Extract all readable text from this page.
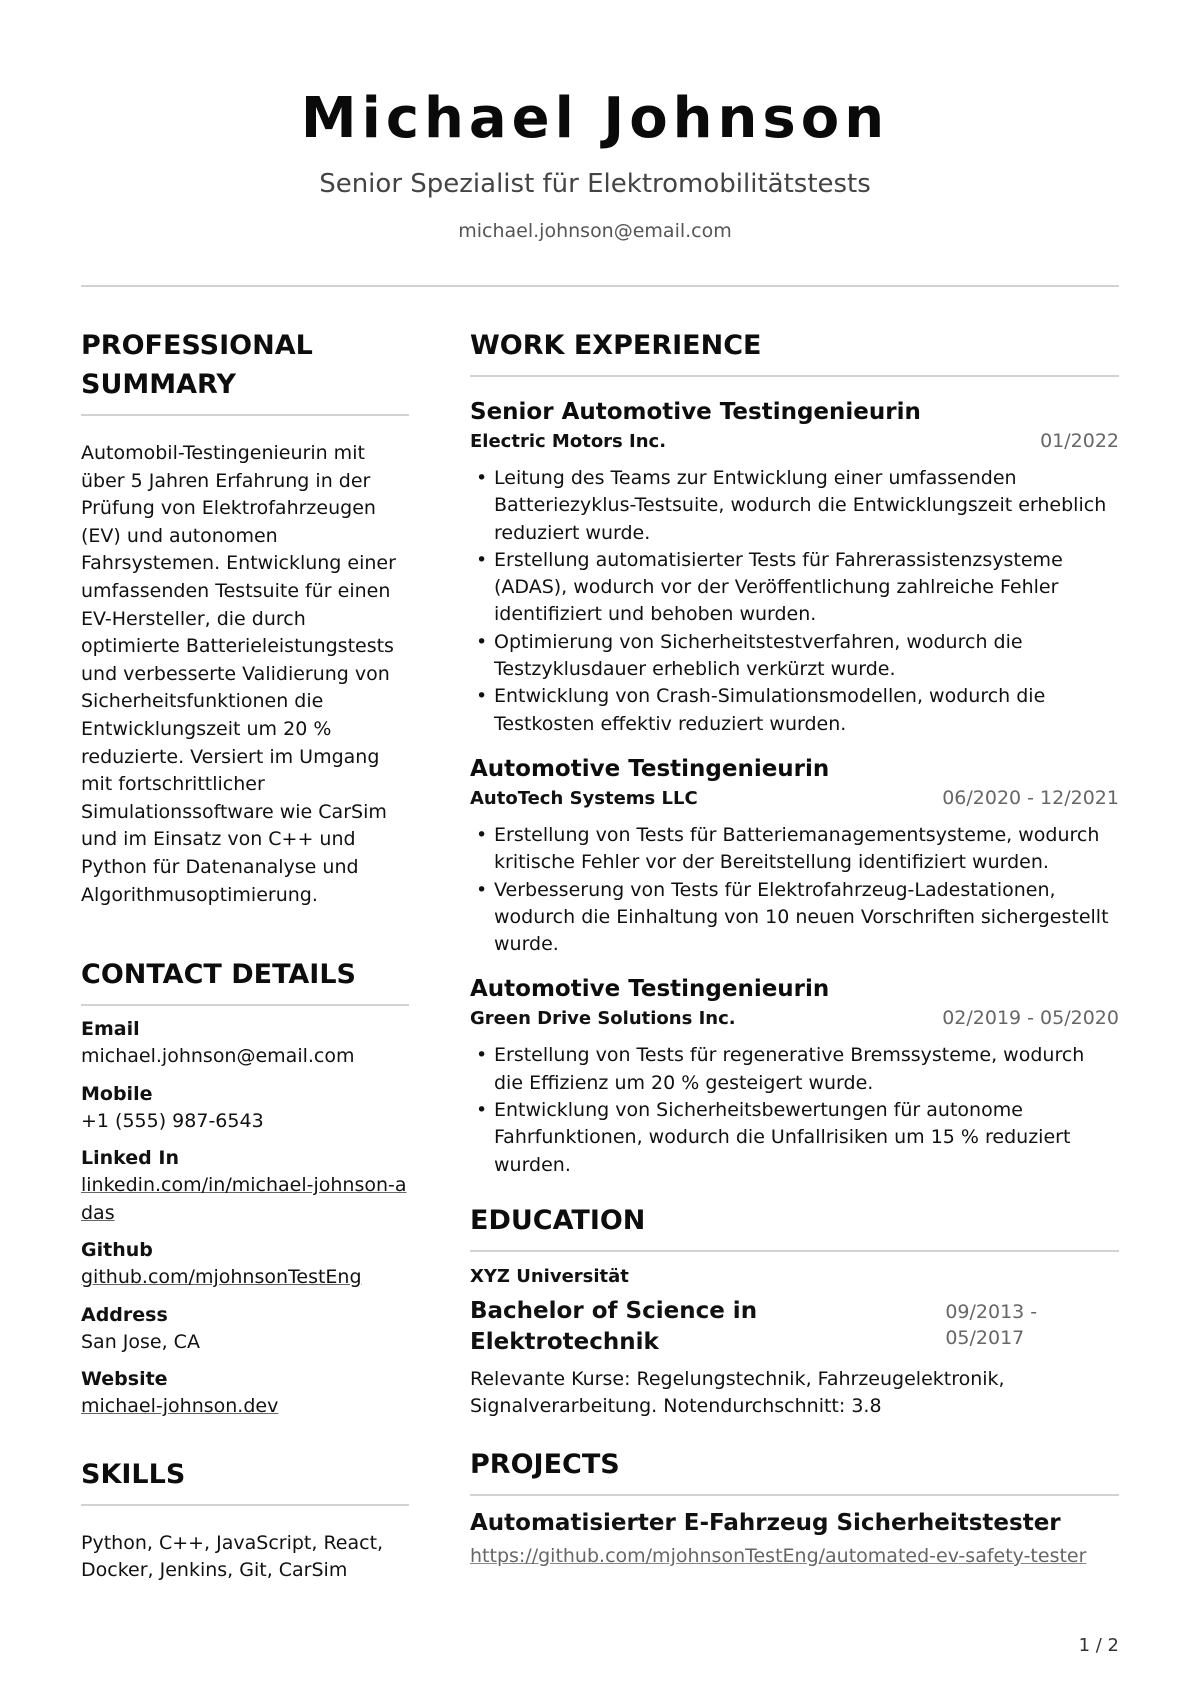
Michael Johnson
Senior Spezialist für Elektromobilitätstests
michael.johnson@email.com
PROFESSIONAL SUMMARY
Automobil-Testingenieurin mit über 5 Jahren Erfahrung in der Prüfung von Elektrofahrzeugen (EV) und autonomen Fahrsystemen. Entwicklung einer umfassenden Testsuite für einen EV-Hersteller, die durch optimierte Batterieleistungstests und verbesserte Validierung von Sicherheitsfunktionen die Entwicklungszeit um 20 % reduzierte. Versiert im Umgang mit fortschrittlicher Simulationssoftware wie CarSim und im Einsatz von C++ und Python für Datenanalyse und Algorithmusoptimierung.
CONTACT DETAILS
Email
michael.johnson@email.com
Mobile
+1 (555) 987-6543
Linked In
linkedin.com/in/michael-johnson-adas
Github
github.com/mjohnsonTestEng
Address
San Jose, CA
Website
michael-johnson.dev
SKILLS
Python, C++, JavaScript, React, Docker, Jenkins, Git, CarSim
WORK EXPERIENCE
Senior Automotive Testingenieurin
Electric Motors Inc.	01/2022
• Leitung des Teams zur Entwicklung einer umfassenden Batteriezyklus-Testsuite, wodurch die Entwicklungszeit erheblich reduziert wurde.
• Erstellung automatisierter Tests für Fahrerassistenzsysteme (ADAS), wodurch vor der Veröffentlichung zahlreiche Fehler identifiziert und behoben wurden.
• Optimierung von Sicherheitstestverfahren, wodurch die Testzyklusdauer erheblich verkürzt wurde.
• Entwicklung von Crash-Simulationsmodellen, wodurch die Testkosten effektiv reduziert wurden.
Automotive Testingenieurin
AutoTech Systems LLC	06/2020 - 12/2021
• Erstellung von Tests für Batteriemanagementsysteme, wodurch kritische Fehler vor der Bereitstellung identifiziert wurden.
• Verbesserung von Tests für Elektrofahrzeug-Ladestationen, wodurch die Einhaltung von 10 neuen Vorschriften sichergestellt wurde.
Automotive Testingenieurin
Green Drive Solutions Inc.	02/2019 - 05/2020
• Erstellung von Tests für regenerative Bremssysteme, wodurch die Effizienz um 20 % gesteigert wurde.
• Entwicklung von Sicherheitsbewertungen für autonome Fahrfunktionen, wodurch die Unfallrisiken um 15 % reduziert wurden.
EDUCATION
XYZ Universität
Bachelor of Science in Elektrotechnik
09/2013 - 05/2017
Relevante Kurse: Regelungstechnik, Fahrzeugelektronik, Signalverarbeitung. Notendurchschnitt: 3.8
PROJECTS
Automatisierter E-Fahrzeug Sicherheitstester
https://github.com/mjohnsonTestEng/automated-ev-safety-tester
1 / 2
